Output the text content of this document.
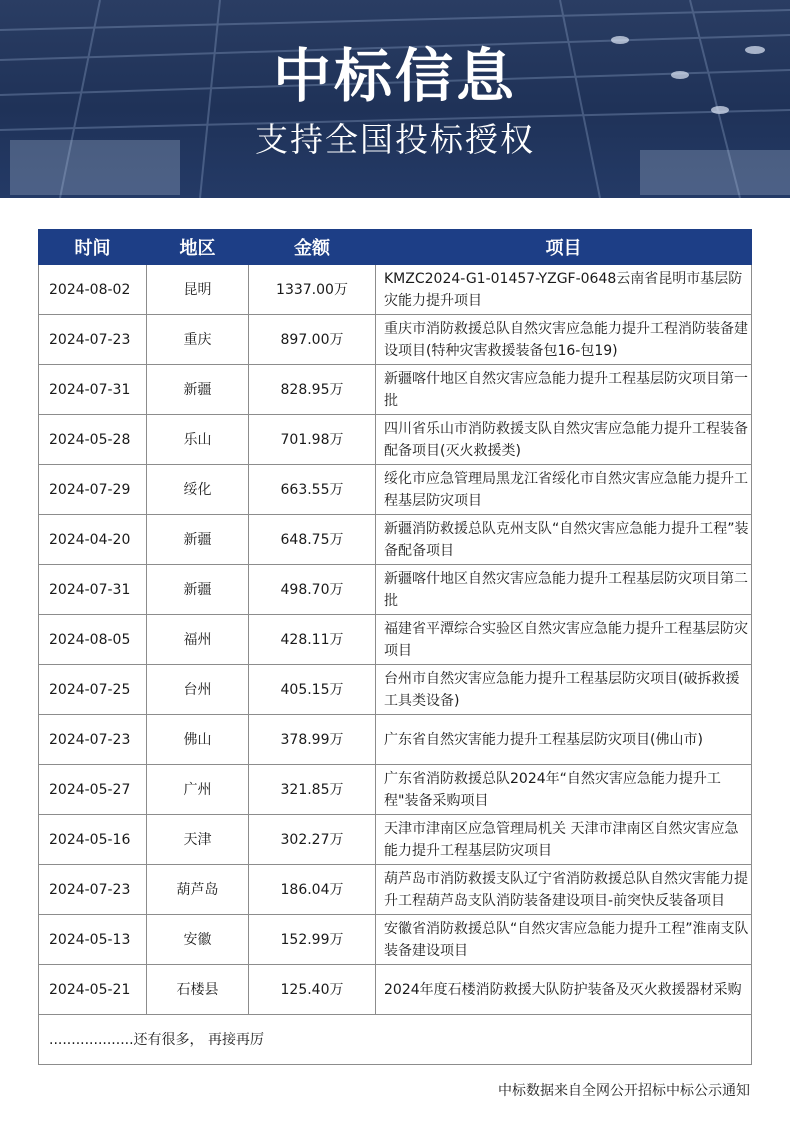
中标信息
支持全国投标授权
时间	地区	金额	项目
2024-08-02	昆明	1337.00万	KMZC2024-G1-01457-YZGF-0648云南省昆明市基层防灾能力提升项目
2024-07-23	重庆	897.00万	重庆市消防救援总队自然灾害应急能力提升工程消防装备建设项目(特种灾害救援装备包16-包19)
2024-07-31	新疆	828.95万	新疆喀什地区自然灾害应急能力提升工程基层防灾项目第一批
2024-05-28	乐山	701.98万	四川省乐山市消防救援支队自然灾害应急能力提升工程装备配备项目(灭火救援类)
2024-07-29	绥化	663.55万	绥化市应急管理局黑龙江省绥化市自然灾害应急能力提升工程基层防灾项目
2024-04-20	新疆	648.75万	新疆消防救援总队克州支队“自然灾害应急能力提升工程”装备配备项目
2024-07-31	新疆	498.70万	新疆喀什地区自然灾害应急能力提升工程基层防灾项目第二批
2024-08-05	福州	428.11万	福建省平潭综合实验区自然灾害应急能力提升工程基层防灾项目
2024-07-25	台州	405.15万	台州市自然灾害应急能力提升工程基层防灾项目(破拆救援工具类设备)
2024-07-23	佛山	378.99万	广东省自然灾害能力提升工程基层防灾项目(佛山市)
2024-05-27	广州	321.85万	广东省消防救援总队2024年“自然灾害应急能力提升工程"装备采购项目
2024-05-16	天津	302.27万	天津市津南区应急管理局机关 天津市津南区自然灾害应急能力提升工程基层防灾项目
2024-07-23	葫芦岛	186.04万	葫芦岛市消防救援支队辽宁省消防救援总队自然灾害能力提升工程葫芦岛支队消防装备建设项目-前突快反装备项目
2024-05-13	安徽	152.99万	安徽省消防救援总队“自然灾害应急能力提升工程”淮南支队装备建设项目
2024-05-21	石楼县	125.40万	2024年度石楼消防救援大队防护装备及灭火救援器材采购
...................还有很多， 再接再厉			
中标数据来自全网公开招标中标公示通知
